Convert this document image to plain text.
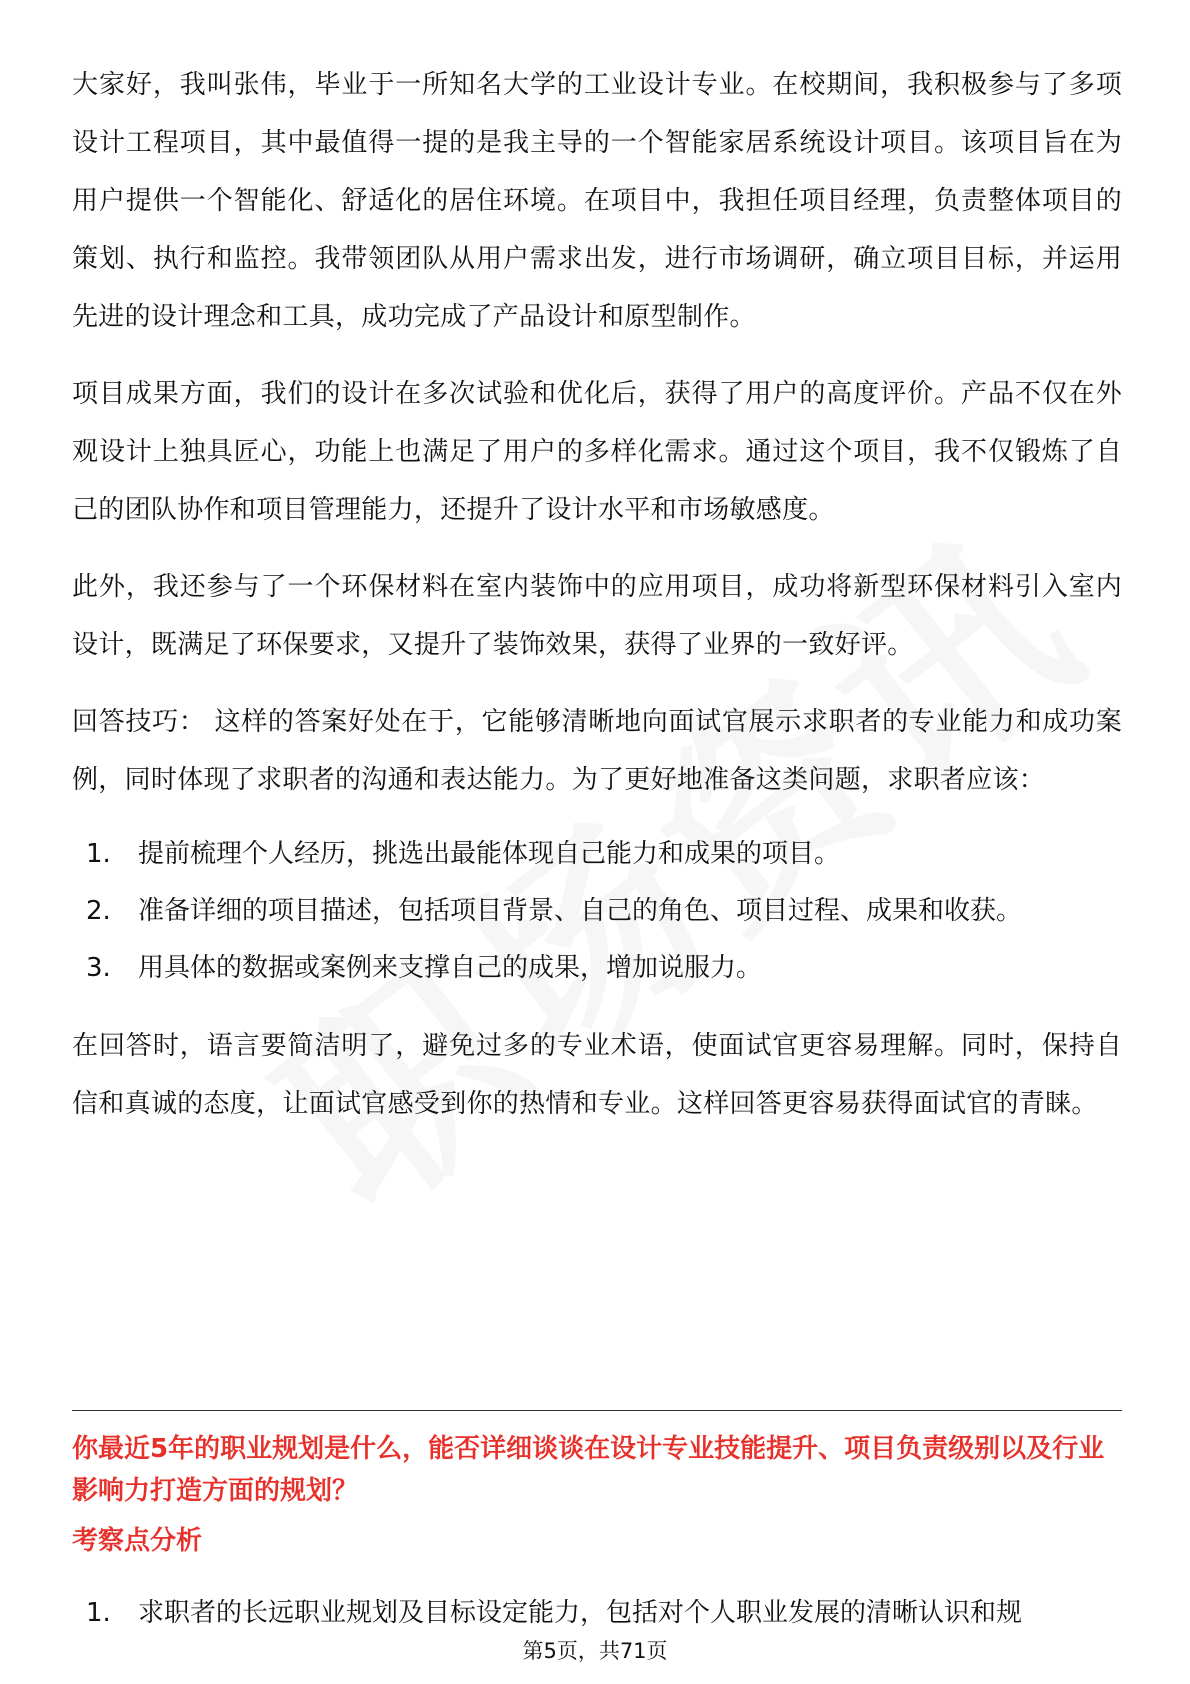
大家好，我叫张伟，毕业于一所知名大学的工业设计专业。在校期间，我积极参与了多项设计工程项目，其中最值得一提的是我主导的一个智能家居系统设计项目。该项目旨在为用户提供一个智能化、舒适化的居住环境。在项目中，我担任项目经理，负责整体项目的策划、执行和监控。我带领团队从用户需求出发，进行市场调研，确立项目目标，并运用先进的设计理念和工具，成功完成了产品设计和原型制作。

项目成果方面，我们的设计在多次试验和优化后，获得了用户的高度评价。产品不仅在外观设计上独具匠心，功能上也满足了用户的多样化需求。通过这个项目，我不仅锻炼了自己的团队协作和项目管理能力，还提升了设计水平和市场敏感度。

此外，我还参与了一个环保材料在室内装饰中的应用项目，成功将新型环保材料引入室内设计，既满足了环保要求，又提升了装饰效果，获得了业界的一致好评。

回答技巧： 这样的答案好处在于，它能够清晰地向面试官展示求职者的专业能力和成功案例，同时体现了求职者的沟通和表达能力。为了更好地准备这类问题，求职者应该：

1.	提前梳理个人经历，挑选出最能体现自己能力和成果的项目。
2.	准备详细的项目描述，包括项目背景、自己的角色、项目过程、成果和收获。
3.	用具体的数据或案例来支撑自己的成果，增加说服力。

在回答时，语言要简洁明了，避免过多的专业术语，使面试官更容易理解。同时，保持自信和真诚的态度，让面试官感受到你的热情和专业。这样回答更容易获得面试官的青睐。

你最近5年的职业规划是什么，能否详细谈谈在设计专业技能提升、项目负责级别以及行业影响力打造方面的规划？
考察点分析
1.	求职者的长远职业规划及目标设定能力，包括对个人职业发展的清晰认识和规
第5页，共71页
